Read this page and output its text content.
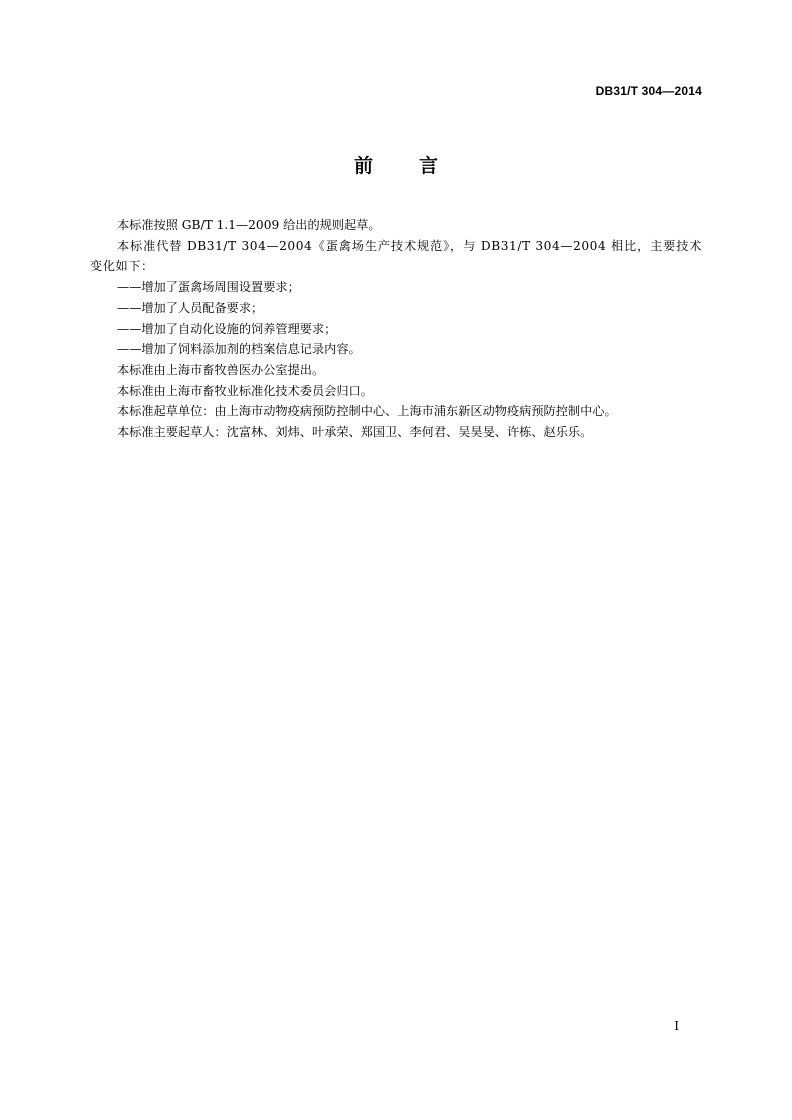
DB31/T 304—2014
前言

本标准按照 GB/T 1.1—2009 给出的规则起草。

本标准代替 DB31/T 304—2004《蛋禽场生产技术规范》，与 DB31/T 304—2004 相比，主要技术变化如下：

——增加了蛋禽场周围设置要求；

——增加了人员配备要求；

——增加了自动化设施的饲养管理要求；

——增加了饲料添加剂的档案信息记录内容。

本标准由上海市畜牧兽医办公室提出。

本标准由上海市畜牧业标准化技术委员会归口。

本标准起草单位：由上海市动物疫病预防控制中心、上海市浦东新区动物疫病预防控制中心。

本标准主要起草人：沈富林、刘炜、叶承荣、郑国卫、李何君、吴昊旻、许栋、赵乐乐。

I
